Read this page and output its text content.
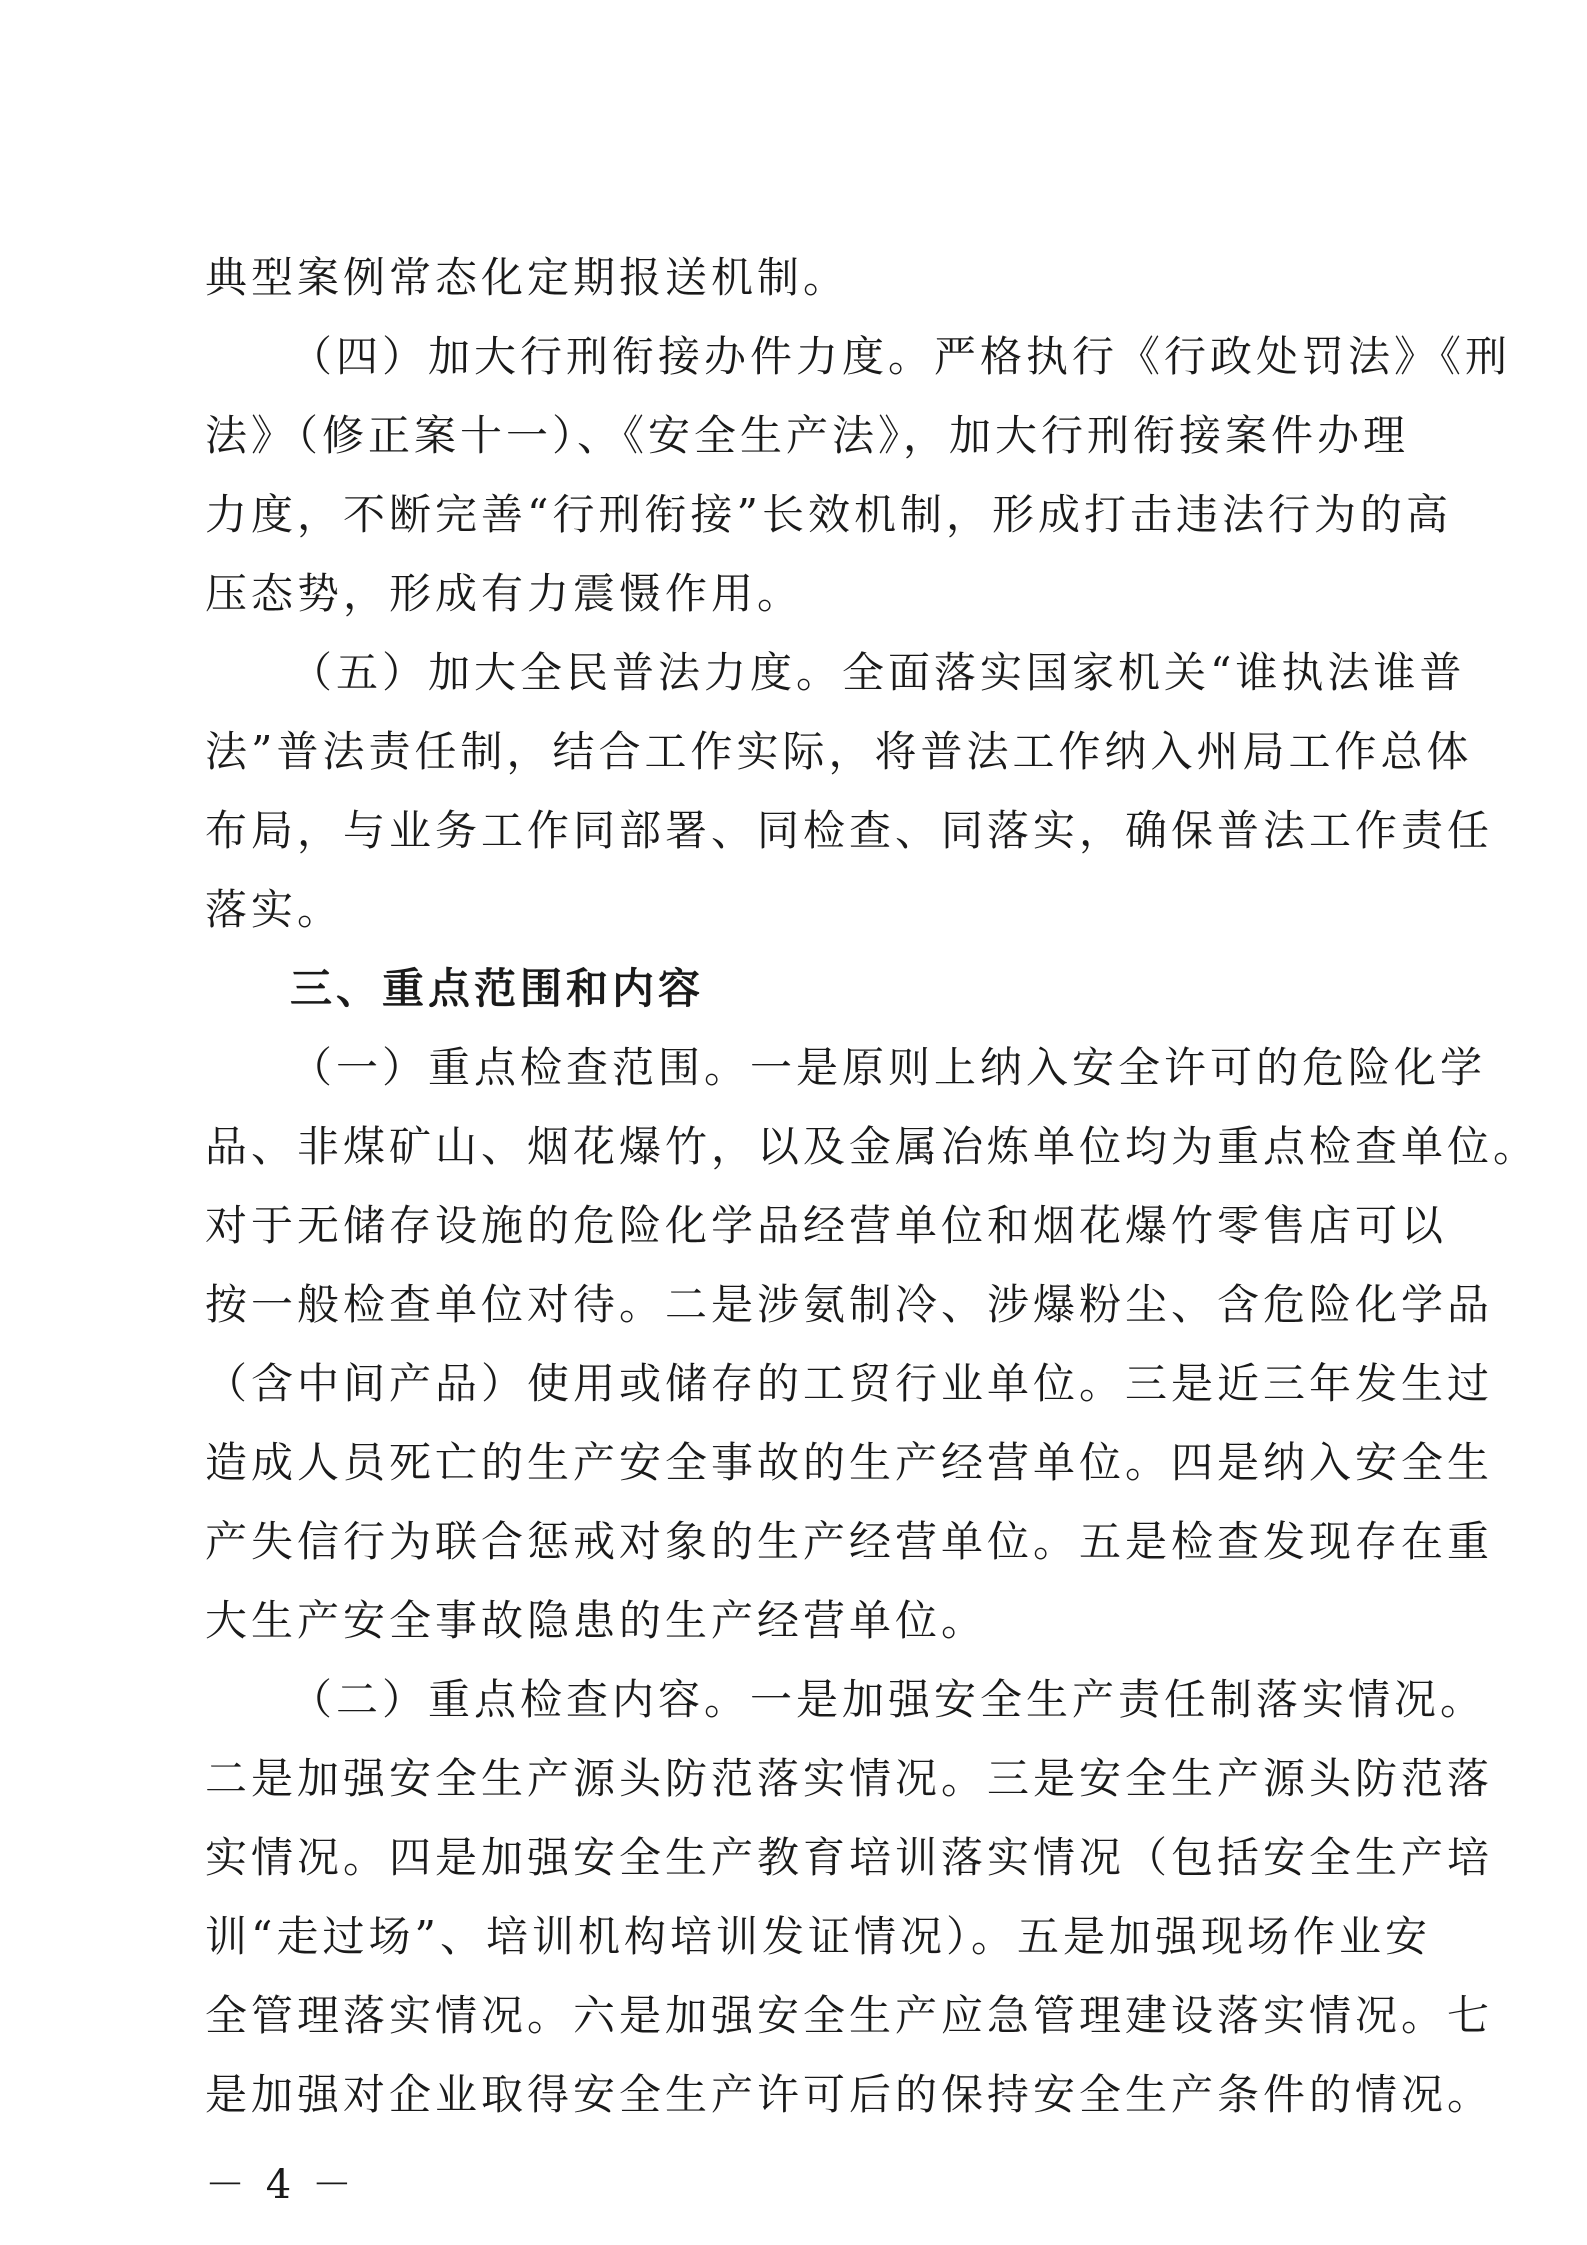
典型案例常态化定期报送机制。
（四）加大行刑衔接办件力度。严格执行《行政处罚法》《刑
法》（修正案十一）、《安全生产法》，加大行刑衔接案件办理
力度，不断完善“行刑衔接”长效机制，形成打击违法行为的高
压态势，形成有力震慑作用。
（五）加大全民普法力度。全面落实国家机关“谁执法谁普
法”普法责任制，结合工作实际，将普法工作纳入州局工作总体
布局，与业务工作同部署、同检查、同落实，确保普法工作责任
落实。
三、重点范围和内容
（一）重点检查范围。一是原则上纳入安全许可的危险化学
品、非煤矿山、烟花爆竹，以及金属冶炼单位均为重点检查单位。
对于无储存设施的危险化学品经营单位和烟花爆竹零售店可以
按一般检查单位对待。二是涉氨制冷、涉爆粉尘、含危险化学品
（含中间产品）使用或储存的工贸行业单位。三是近三年发生过
造成人员死亡的生产安全事故的生产经营单位。四是纳入安全生
产失信行为联合惩戒对象的生产经营单位。五是检查发现存在重
大生产安全事故隐患的生产经营单位。
（二）重点检查内容。一是加强安全生产责任制落实情况。
二是加强安全生产源头防范落实情况。三是安全生产源头防范落
实情况。四是加强安全生产教育培训落实情况（包括安全生产培
训“走过场”、培训机构培训发证情况）。五是加强现场作业安
全管理落实情况。六是加强安全生产应急管理建设落实情况。七
是加强对企业取得安全生产许可后的保持安全生产条件的情况。
－ 4 －
